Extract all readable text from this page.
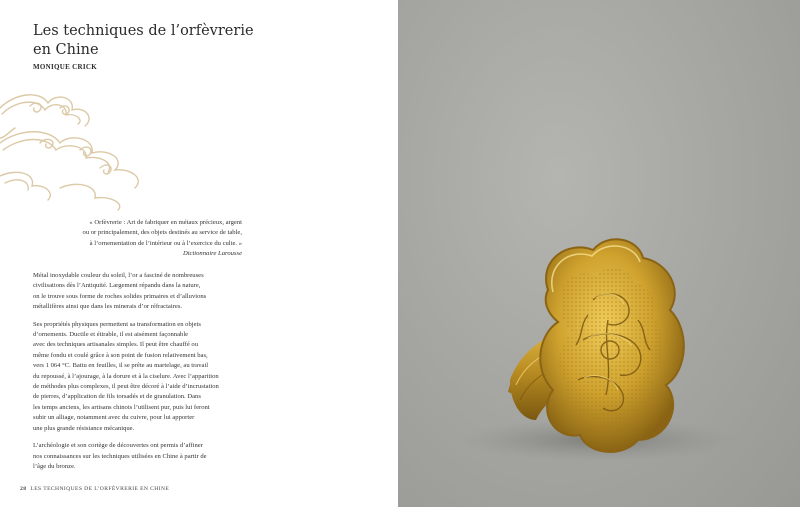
Les techniques de l’orfèvrerie
en Chine
MONIQUE CRICK
« Orfèvrerie : Art de fabriquer en métaux précieux, argent
ou or principalement, des objets destinés au service de table,
à l’ornementation de l’intérieur ou à l’exercice du culte. »
Dictionnaire Larousse

Métal inoxydable couleur du soleil, l’or a fasciné de nombreuses
civilisations dès l’Antiquité. Largement répandu dans la nature,
on le trouve sous forme de roches solides primaires et d’alluvions
métallifères ainsi que dans les minerais d’or réfractaires.

Ses propriétés physiques permettent sa transformation en objets
d’ornements. Ductile et étirable, il est aisément façonnable
avec des techniques artisanales simples. Il peut être chauffé ou
même fondu et coulé grâce à son point de fusion relativement bas,
vers 1 064 °C. Battu en feuilles, il se prête au martelage, au travail
du repoussé, à l’ajourage, à la dorure et à la ciselure. Avec l’apparition
de méthodes plus complexes, il peut être décoré à l’aide d’incrustation
de pierres, d’application de fils torsadés et de granulation. Dans
les temps anciens, les artisans chinois l’utilisent pur, puis lui feront
subir un alliage, notamment avec du cuivre, pour lui apporter
une plus grande résistance mécanique.

L’archéologie et son cortège de découvertes ont permis d’affiner
nos connaissances sur les techniques utilisées en Chine à partir de
l’âge du bronze.

28 LES TECHNIQUES DE L’ORFÈVRERIE EN CHINE
